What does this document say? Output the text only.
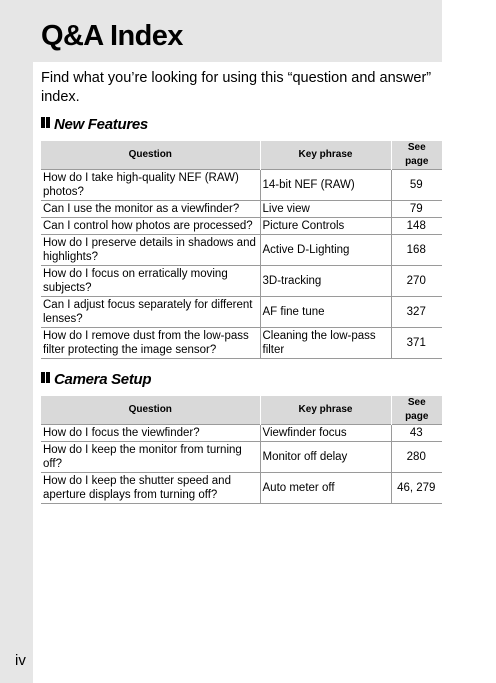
Q&A Index
Find what you’re looking for using this “question and answer” index.
New Features
Question	Key phrase	See page
How do I take high-quality NEF (RAW) photos?	14-bit NEF (RAW)	59
Can I use the monitor as a viewfinder?	Live view	79
Can I control how photos are processed?	Picture Controls	148
How do I preserve details in shadows and highlights?	Active D-Lighting	168
How do I focus on erratically moving subjects?	3D-tracking	270
Can I adjust focus separately for different lenses?	AF fine tune	327
How do I remove dust from the low-pass filter protecting the image sensor?	Cleaning the low-pass filter	371
Camera Setup
Question	Key phrase	See page
How do I focus the viewfinder?	Viewfinder focus	43
How do I keep the monitor from turning off?	Monitor off delay	280
How do I keep the shutter speed and aperture displays from turning off?	Auto meter off	46, 279
iv
